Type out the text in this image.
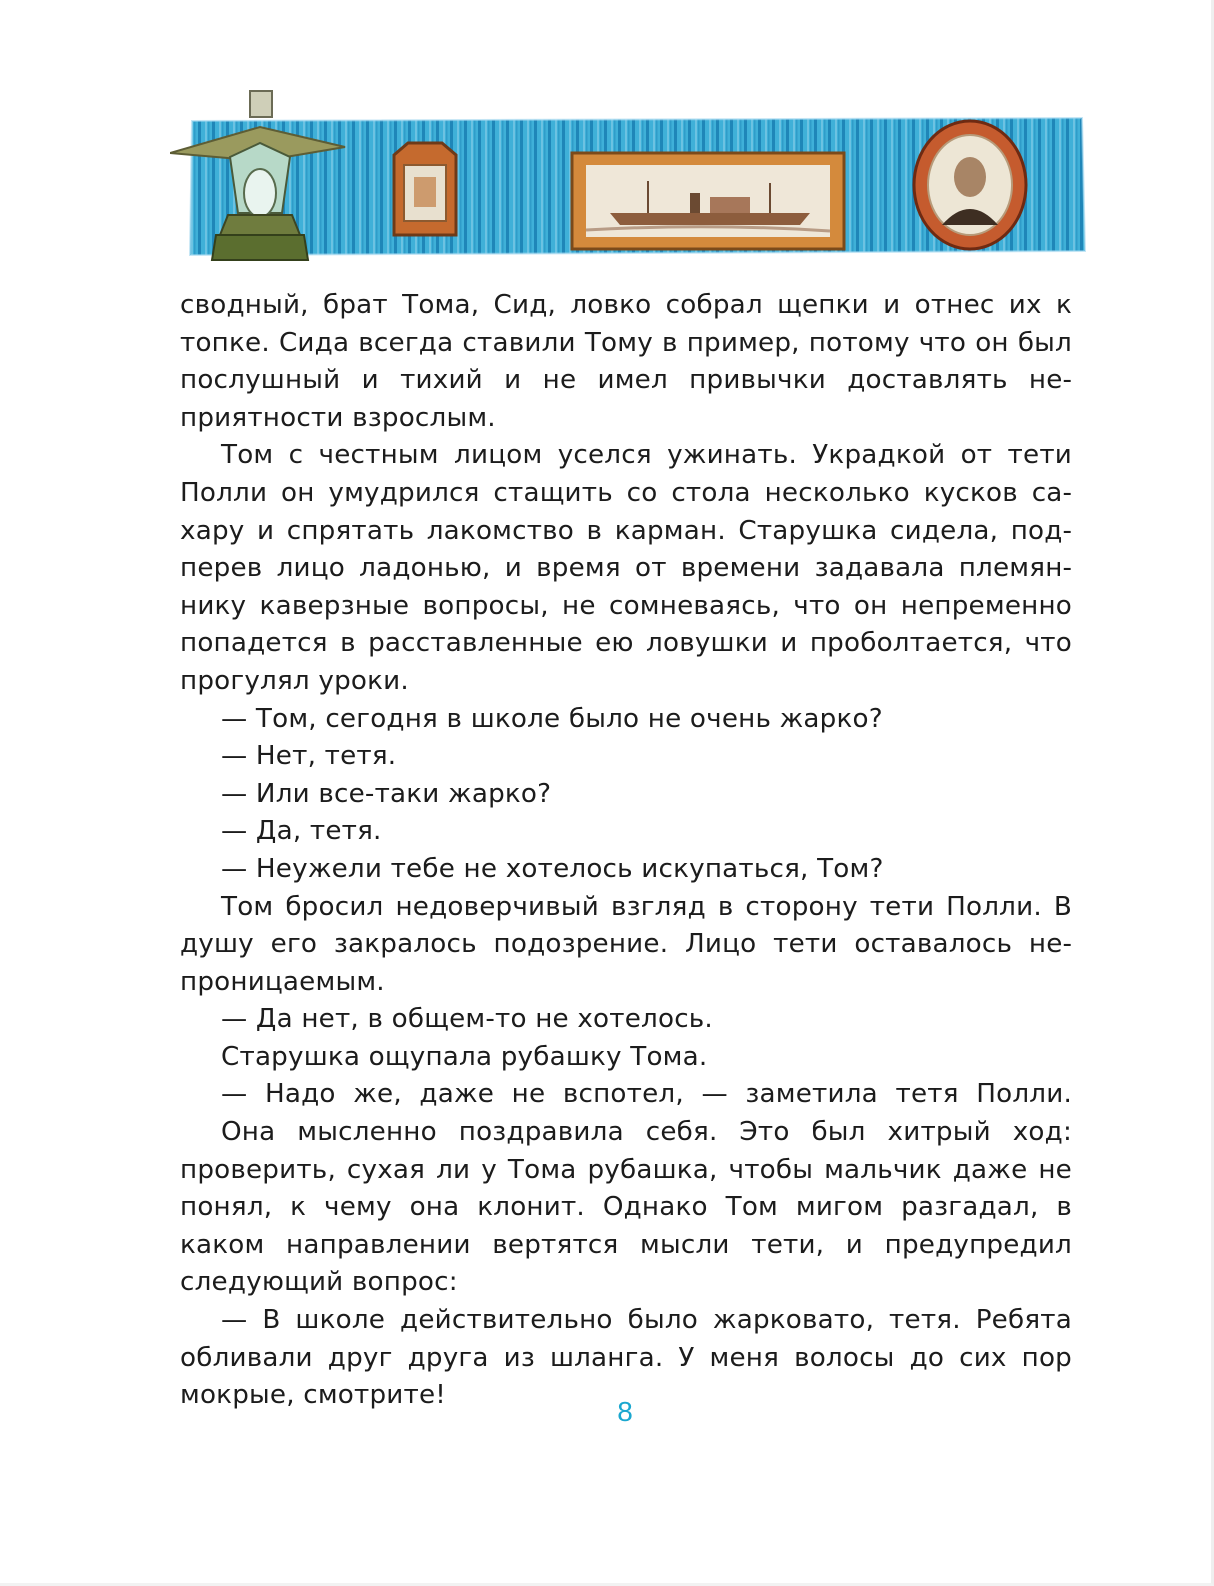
сводный, брат Тома, Сид, ловко собрал щепки и отнес их к топке. Сида всегда ставили Тому в пример, потому что он был послушный и тихий и не имел привычки доставлять неприятности взрослым.

Том с честным лицом уселся ужинать. Украдкой от тети Полли он умудрился стащить со стола несколько кусков сахару и спрятать лакомство в карман. Старушка сидела, подперев лицо ладонью, и время от времени задавала племяннику каверзные вопросы, не сомневаясь, что он непременно попадется в расставленные ею ловушки и проболтается, что прогулял уроки.

— Том, сегодня в школе было не очень жарко?

— Нет, тетя.

— Или все-таки жарко?

— Да, тетя.

— Неужели тебе не хотелось искупаться, Том?

Том бросил недоверчивый взгляд в сторону тети Полли. В душу его закралось подозрение. Лицо тети оставалось непроницаемым.

— Да нет, в общем-то не хотелось.

Старушка ощупала рубашку Тома.

— Надо же, даже не вспотел, — заметила тетя Полли.

Она мысленно поздравила себя. Это был хитрый ход: проверить, сухая ли у Тома рубашка, чтобы мальчик даже не понял, к чему она клонит. Однако Том мигом разгадал, в каком направлении вертятся мысли тети, и предупредил следующий вопрос:

— В школе действительно было жарковато, тетя. Ребята обливали друг друга из шланга. У меня волосы до сих пор мокрые, смотрите!

8
